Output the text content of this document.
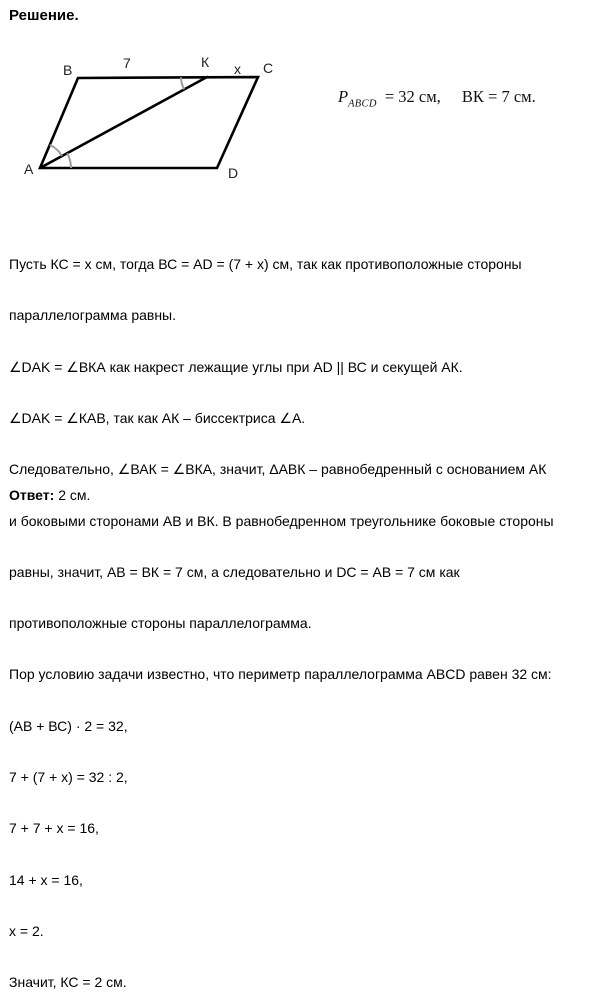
Решение.
В	7	К х С
А	D
$P_{ABCD} = 32$ см, ВК = 7 см.

Пусть КС = х см, тогда ВС = AD = (7 + х) см, так как противоположные стороны

параллелограмма равны.

∠DAK = ∠ВКА как накрест лежащие углы при AD || ВС и секущей АК.

∠DAK = ∠КАВ, так как АК – биссектриса ∠А.

Следовательно, ∠ВАК = ∠ВКА, значит, ΔАВК – равнобедренный с основанием АК

и боковыми сторонами АВ и ВК. В равнобедренном треугольнике боковые стороны

равны, значит, АВ = ВК = 7 см, а следовательно и DC = АВ = 7 см как

противоположные стороны параллелограмма.

Пор условию задачи известно, что периметр параллелограмма ABCD равен 32 см:

(АВ + ВС) · 2 = 32,

7 + (7 + х) = 32 : 2,

7 + 7 + х = 16,

14 + х = 16,

х = 2.

Значит, КС = 2 см.

Ответ: 2 см.
